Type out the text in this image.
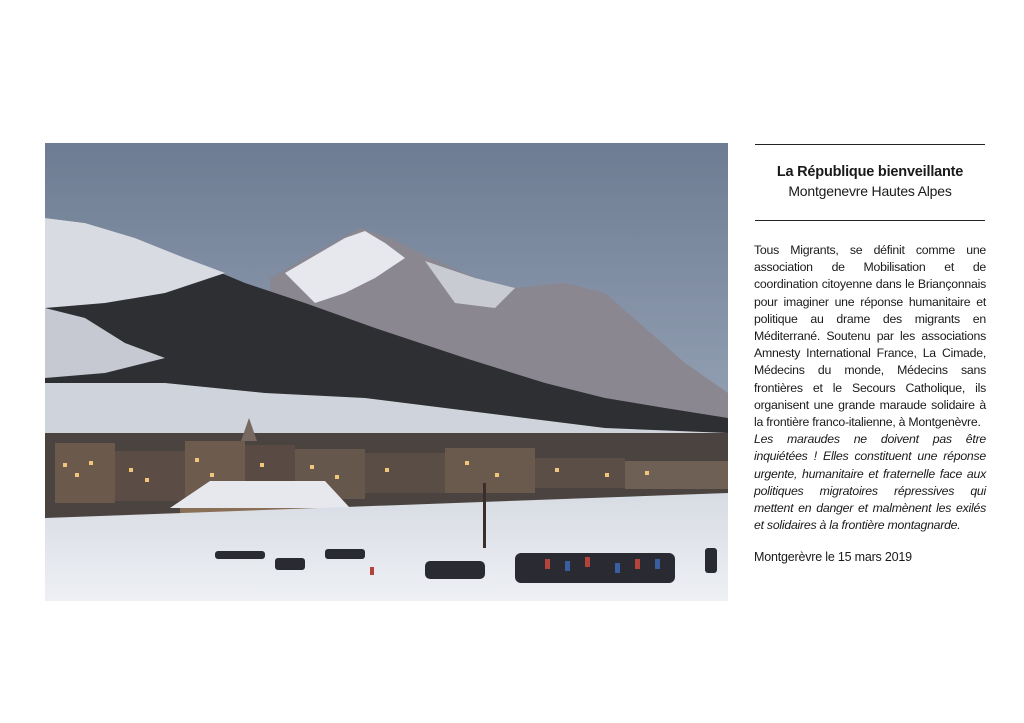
La République bienveillante
Montgenevre Hautes Alpes

Tous Migrants, se définit comme une association de Mobilisation et de coordination citoyenne dans le Briançonnais pour imaginer une réponse humanitaire et politique au drame des migrants en Méditerrané. Soutenu par les associations Amnesty International France, La Cimade, Médecins du monde, Médecins sans frontières et le Secours Catholique, ils organisent une grande maraude solidaire à la frontière franco-italienne, à Montgenèvre.

Les maraudes ne doivent pas être inquiétées ! Elles constituent une réponse urgente, humanitaire et fraternelle face aux politiques migratoires répressives qui mettent en danger et malmènent les exilés et solidaires à la frontière montagnarde.

Montgerèvre le 15 mars 2019
